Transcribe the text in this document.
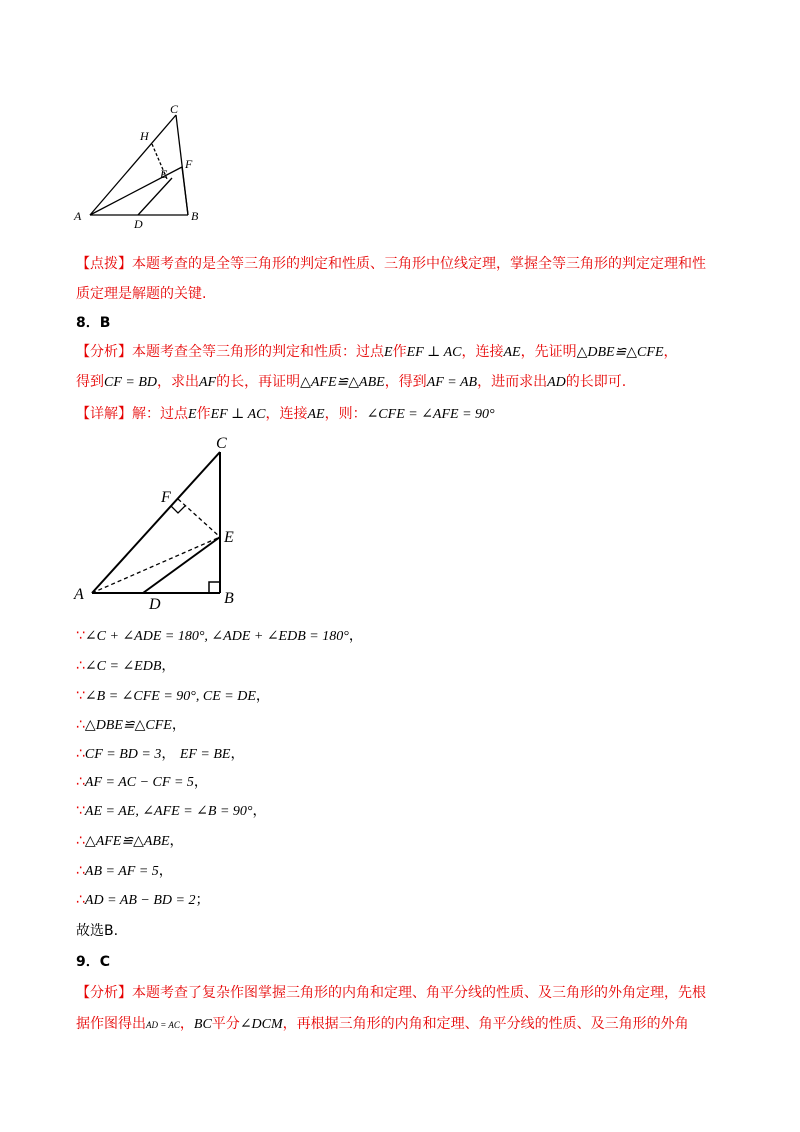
C
H
F
E
A
D
B
【点拨】本题考查的是全等三角形的判定和性质、三角形中位线定理，掌握全等三角形的判定定理和性
质定理是解题的关键.
8．B
【分析】本题考查全等三角形的判定和性质：过点E作EF ⊥ AC，连接AE，先证明△DBE≌△CFE，
得到CF = BD，求出AF的长，再证明△AFE≌△ABE，得到AF = AB，进而求出AD的长即可.
【详解】解：过点E作EF ⊥ AC，连接AE，则：∠CFE = ∠AFE = 90°
C
F
E
A
D	B
∵∠C + ∠ADE = 180°, ∠ADE + ∠EDB = 180°，
∴∠C = ∠EDB，
∵∠B = ∠CFE = 90°, CE = DE，
∴△DBE≌△CFE，
∴CF = BD = 3， EF = BE，
∴AF = AC − CF = 5，
∵AE = AE, ∠AFE = ∠B = 90°，
∴△AFE≌△ABE，
∴AB = AF = 5，
∴AD = AB − BD = 2；
故选B.
9．C
【分析】本题考查了复杂作图掌握三角形的内角和定理、角平分线的性质、及三角形的外角定理，先根
据作图得出AD = AC，BC平分∠DCM，再根据三角形的内角和定理、角平分线的性质、及三角形的外角
